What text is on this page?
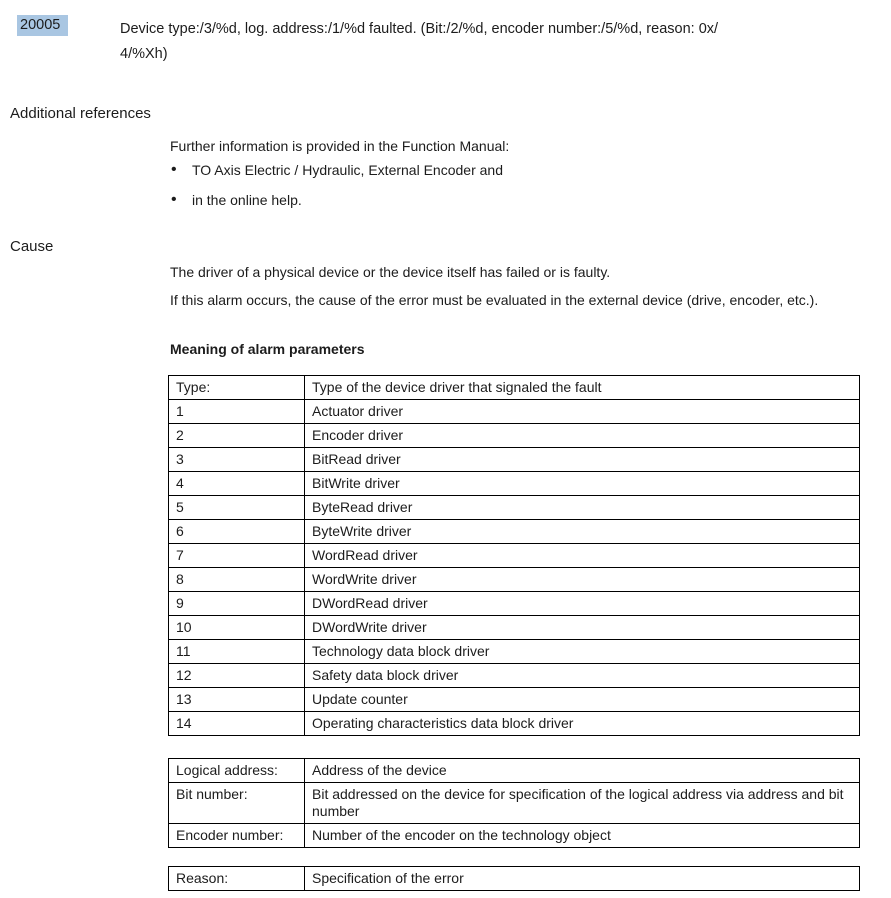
20005	Device type:/3/%d, log. address:/1/%d faulted. (Bit:/2/%d, encoder number:/5/%d, reason: 0x/
4/%Xh)
Additional references
Further information is provided in the Function Manual:
• TO Axis Electric / Hydraulic, External Encoder and
• in the online help.
Cause
The driver of a physical device or the device itself has failed or is faulty.
If this alarm occurs, the cause of the error must be evaluated in the external device (drive, encoder, etc.).
Meaning of alarm parameters
Type:	Type of the device driver that signaled the fault
1	Actuator driver
2	Encoder driver
3	BitRead driver
4	BitWrite driver
5	ByteRead driver
6	ByteWrite driver
7	WordRead driver
8	WordWrite driver
9	DWordRead driver
10	DWordWrite driver
11	Technology data block driver
12	Safety data block driver
13	Update counter
14	Operating characteristics data block driver
Logical address:	Address of the device
Bit number:	Bit addressed on the device for specification of the logical address via address and bit number
Encoder number:	Number of the encoder on the technology object
Reason:	Specification of the error
